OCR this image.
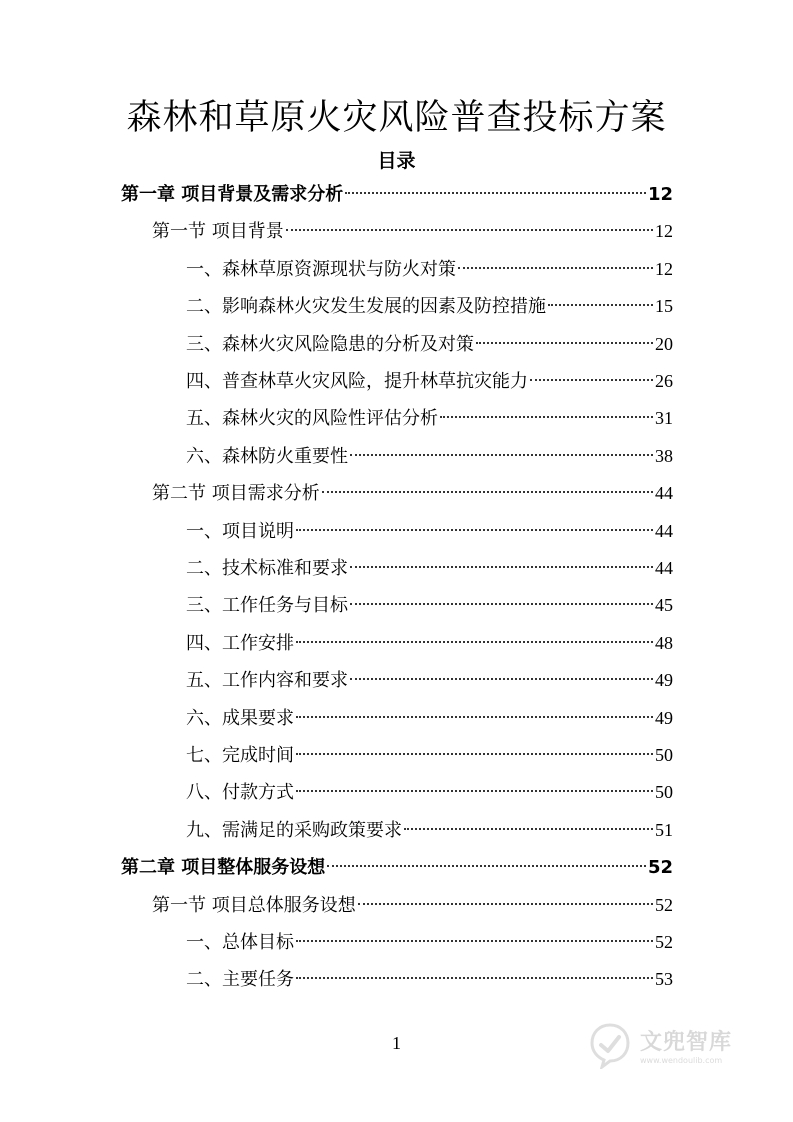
森林和草原火灾风险普查投标方案
目录
第一章 项目背景及需求分析	12
第一节 项目背景	12
一、森林草原资源现状与防火对策	12
二、影响森林火灾发生发展的因素及防控措施	15
三、森林火灾风险隐患的分析及对策	20
四、普查林草火灾风险，提升林草抗灾能力	26
五、森林火灾的风险性评估分析	31
六、森林防火重要性	38
第二节 项目需求分析	44
一、项目说明	44
二、技术标准和要求	44
三、工作任务与目标	45
四、工作安排	48
五、工作内容和要求	49
六、成果要求	49
七、完成时间	50
八、付款方式	50
九、需满足的采购政策要求	51
第二章 项目整体服务设想	52
第一节 项目总体服务设想	52
一、总体目标	52
二、主要任务	53
1	文兜智库
www.wendoulib.com
